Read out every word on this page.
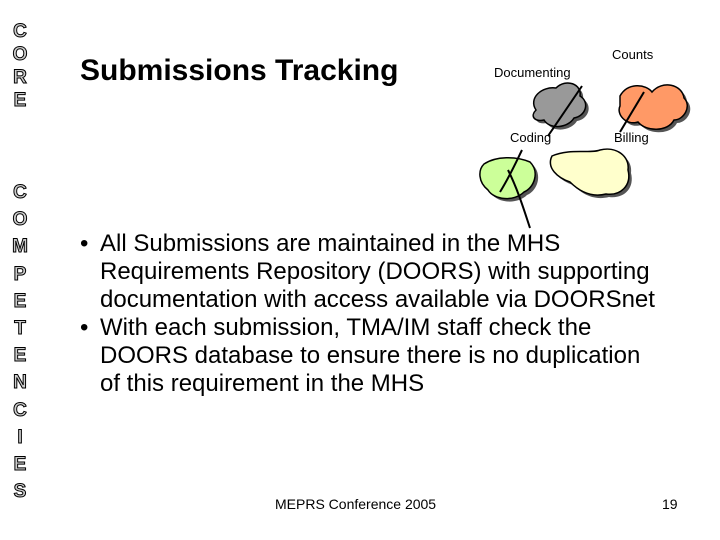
C
O
R
E
C
O
M
P
E
T
E
N
C
I
E
S
Submissions Tracking	Documenting
Counts
Coding	Billing
• All Submissions are maintained in the MHS Requirements Repository (DOORS) with supporting documentation with access available via DOORSnet
• With each submission, TMA/IM staff check the DOORS database to ensure there is no duplication of this requirement in the MHS
MEPRS Conference 2005	19
